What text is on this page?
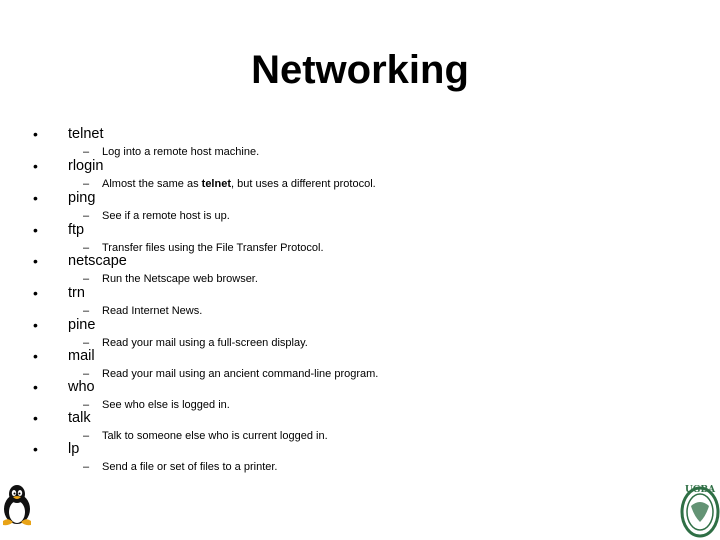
Networking
• telnet
– Log into a remote host machine.
• rlogin
– Almost the same as telnet, but uses a different protocol.
• ping
– See if a remote host is up.
• ftp
– Transfer files using the File Transfer Protocol.
• netscape
– Run the Netscape web browser.
• trn
– Read Internet News.
• pine
– Read your mail using a full-screen display.
• mail
– Read your mail using an ancient command-line program.
• who
– See who else is logged in.
• talk
– Talk to someone else who is current logged in.
• lp
– Send a file or set of files to a printer.
UGBA
